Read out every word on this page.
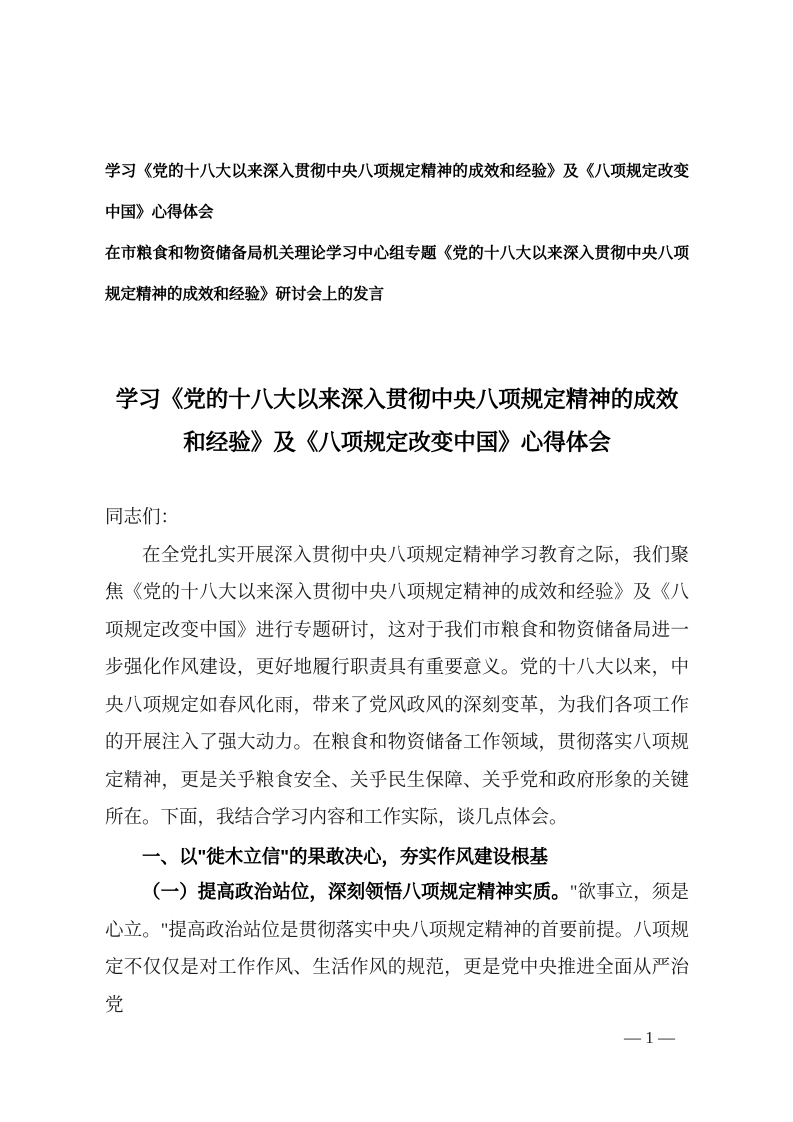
学习《党的十八大以来深入贯彻中央八项规定精神的成效和经验》及《八项规定改变中国》心得体会

在市粮食和物资储备局机关理论学习中心组专题《党的十八大以来深入贯彻中央八项规定精神的成效和经验》研讨会上的发言

学习《党的十八大以来深入贯彻中央八项规定精神的成效和经验》及《八项规定改变中国》心得体会

同志们：

在全党扎实开展深入贯彻中央八项规定精神学习教育之际，我们聚焦《党的十八大以来深入贯彻中央八项规定精神的成效和经验》及《八项规定改变中国》进行专题研讨，这对于我们市粮食和物资储备局进一步强化作风建设，更好地履行职责具有重要意义。党的十八大以来，中央八项规定如春风化雨，带来了党风政风的深刻变革，为我们各项工作的开展注入了强大动力。在粮食和物资储备工作领域，贯彻落实八项规定精神，更是关乎粮食安全、关乎民生保障、关乎党和政府形象的关键所在。下面，我结合学习内容和工作实际，谈几点体会。

一、以"徙木立信"的果敢决心，夯实作风建设根基

（一）提高政治站位，深刻领悟八项规定精神实质。"欲事立，须是心立。"提高政治站位是贯彻落实中央八项规定精神的首要前提。八项规定不仅仅是对工作作风、生活作风的规范，更是党中央推进全面从严治党

— 1 —
